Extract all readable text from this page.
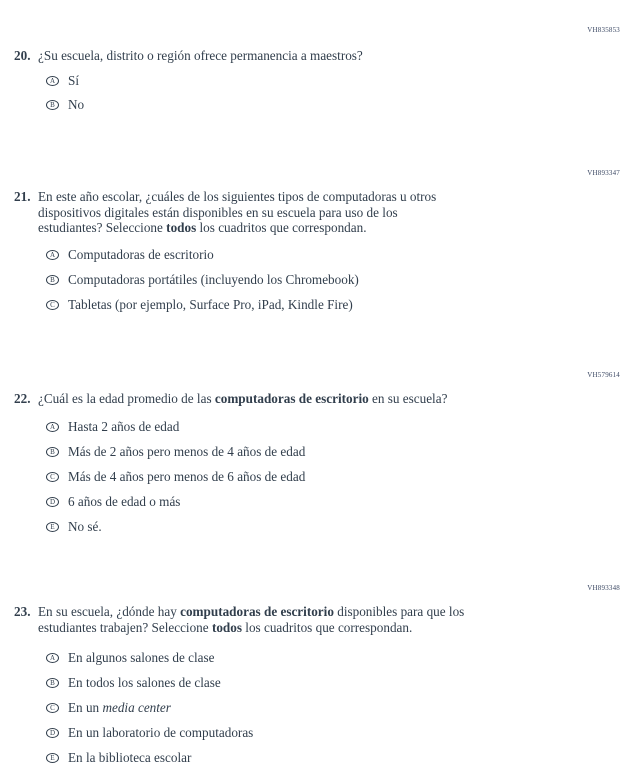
VH835853
20. ¿Su escuela, distrito o región ofrece permanencia a maestros?
A Sí
B No
VH893347
21. En este año escolar, ¿cuáles de los siguientes tipos de computadoras u otros
dispositivos digitales están disponibles en su escuela para uso de los
estudiantes? Seleccione todos los cuadritos que correspondan.
A Computadoras de escritorio
B Computadoras portátiles (incluyendo los Chromebook)
C Tabletas (por ejemplo, Surface Pro, iPad, Kindle Fire)
VH579614
22. ¿Cuál es la edad promedio de las computadoras de escritorio en su escuela?
A Hasta 2 años de edad
B Más de 2 años pero menos de 4 años de edad
C Más de 4 años pero menos de 6 años de edad
D 6 años de edad o más
E	No sé.
VH893348
23. En su escuela, ¿dónde hay computadoras de escritorio disponibles para que los
estudiantes trabajen? Seleccione todos los cuadritos que correspondan.
A En algunos salones de clase
B En todos los salones de clase
C En un media center
D En un laboratorio de computadoras
E	En la biblioteca escolar
